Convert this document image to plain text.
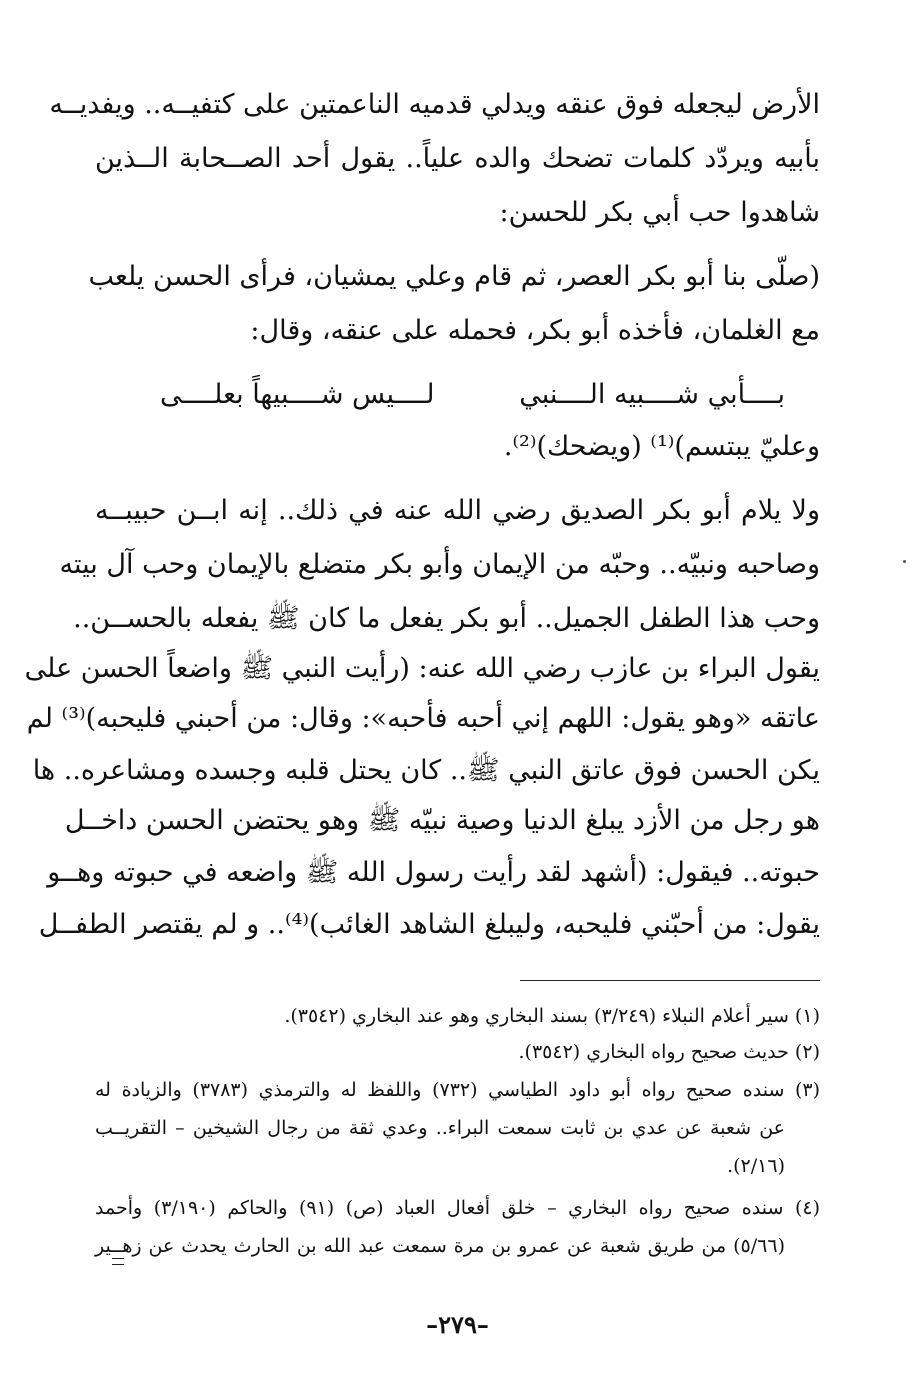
الأرض ليجعله فوق عنقه ويدلي قدميه الناعمتين على كتفيــه.. ويفديــه
بأبيه ويردّد كلمات تضحك والده علياً.. يقول أحد الصــحابة الــذين
شاهدوا حب أبي بكر للحسن:
(صلّى بنا أبو بكر العصر، ثم قام وعلي يمشيان، فرأى الحسن يلعب
مع الغلمان، فأخذه أبو بكر، فحمله على عنقه، وقال:
بــــأبي شــــبيه الــــنبي
لــــيس شــــبيهاً بعلــــى
وعليّ يبتسم)⁽¹⁾ (ويضحك)⁽²⁾.
ولا يلام أبو بكر الصديق رضي الله عنه في ذلك.. إنه ابــن حبيبــه
وصاحبه ونبيّه.. وحبّه من الإيمان وأبو بكر متضلع بالإيمان وحب آل بيته
وحب هذا الطفل الجميل.. أبو بكر يفعل ما كان ﷺ يفعله بالحســن..
يقول البراء بن عازب رضي الله عنه: (رأيت النبي ﷺ واضعاً الحسن على
عاتقه «وهو يقول: اللهم إني أحبه فأحبه»: وقال: من أحبني فليحبه)⁽³⁾ لم
يكن الحسن فوق عاتق النبي ﷺ.. كان يحتل قلبه وجسده ومشاعره.. ها
هو رجل من الأزد يبلغ الدنيا وصية نبيّه ﷺ وهو يحتضن الحسن داخــل
حبوته.. فيقول: (أشهد لقد رأيت رسول الله ﷺ واضعه في حبوته وهــو
يقول: من أحبّني فليحبه، وليبلغ الشاهد الغائب)⁽⁴⁾.. و لم يقتصر الطفــل
(١) سير أعلام النبلاء (٣/٢٤٩) بسند البخاري وهو عند البخاري (٣٥٤٢).
(٢) حديث صحيح رواه البخاري (٣٥٤٢).
(٣) سنده صحيح رواه أبو داود الطياسي (٧٣٢) واللفظ له والترمذي (٣٧٨٣) والزيادة له
عن شعبة عن عدي بن ثابت سمعت البراء.. وعدي ثقة من رجال الشيخين – التقريــب
(٢/١٦).
(٤) سنده صحيح رواه البخاري – خلق أفعال العباد (ص) (٩١) والحاكم (٣/١٩٠) وأحمد
(٥/٦٦) من طريق شعبة عن عمرو بن مرة سمعت عبد الله بن الحارث يحدث عن زهــير
–٢٧٩–
